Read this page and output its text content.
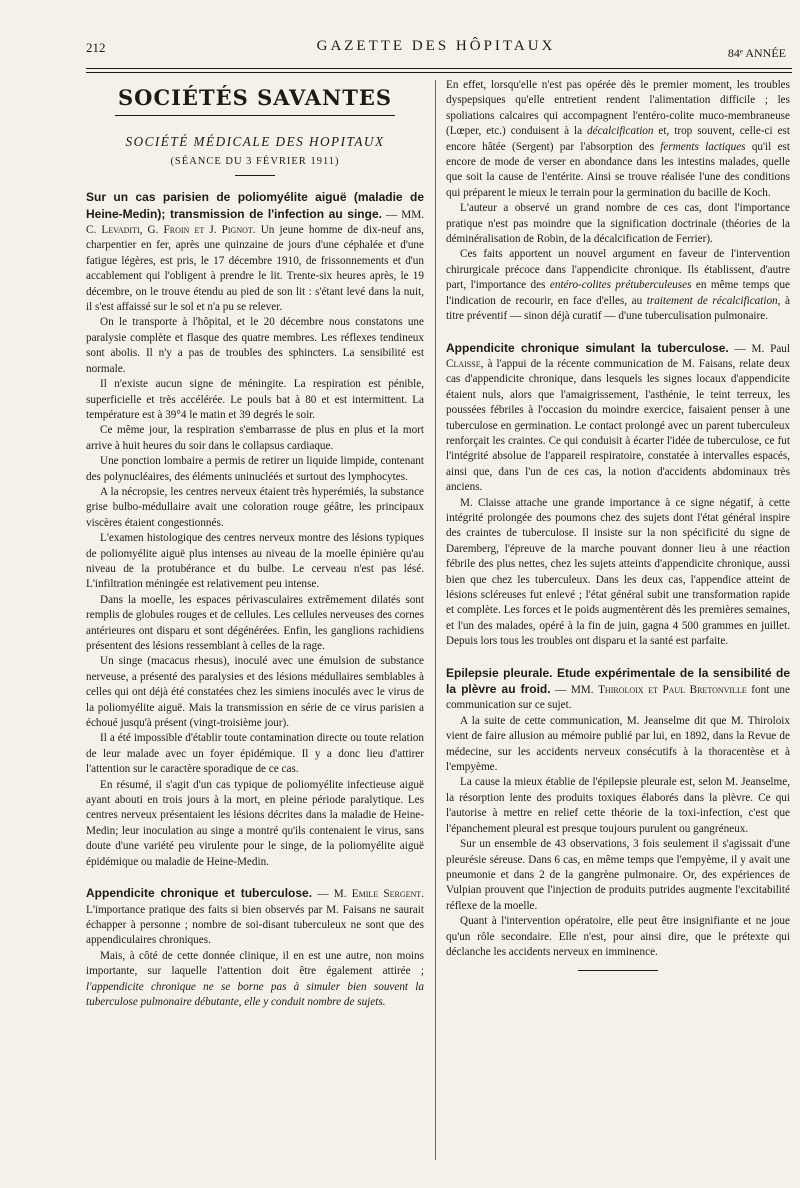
212	GAZETTE DES HÔPITAUX	84ᵉ ANNÉE
SOCIÉTÉS SAVANTES
SOCIÉTÉ MÉDICALE DES HOPITAUX
(SÉANCE DU 3 FÉVRIER 1911)

Sur un cas parisien de poliomyélite aiguë (maladie de Heine-Medin); transmission de l'infection au singe. — MM. C. Levaditi, G. Froin et J. Pignot. Un jeune homme de dix-neuf ans, charpentier en fer, après une quinzaine de jours d'une céphalée et d'une fatigue légères, est pris, le 17 décembre 1910, de frissonnements et d'un accablement qui l'obligent à prendre le lit. Trente-six heures après, le 19 décembre, on le trouve étendu au pied de son lit : s'étant levé dans la nuit, il s'est affaissé sur le sol et n'a pu se relever.

On le transporte à l'hôpital, et le 20 décembre nous constatons une paralysie complète et flasque des quatre membres. Les réflexes tendineux sont abolis. Il n'y a pas de troubles des sphincters. La sensibilité est normale.

Il n'existe aucun signe de méningite. La respiration est pénible, superficielle et très accélérée. Le pouls bat à 80 et est intermittent. La température est à 39°4 le matin et 39 degrés le soir.

Ce même jour, la respiration s'embarrasse de plus en plus et la mort arrive à huit heures du soir dans le collapsus cardiaque.

Une ponction lombaire a permis de retirer un liquide limpide, contenant des polynucléaires, des éléments uninucléés et surtout des lymphocytes.

A la nécropsie, les centres nerveux étaient très hyperémiés, la substance grise bulbo-médullaire avait une coloration rouge géâtre, les principaux viscères étaient congestionnés.

L'examen histologique des centres nerveux montre des lésions typiques de poliomyélite aiguë plus intenses au niveau de la moelle épinière qu'au niveau de la protubérance et du bulbe. Le cerveau n'est pas lésé. L'infiltration méningée est relativement peu intense.

Dans la moelle, les espaces périvasculaires extrêmement dilatés sont remplis de globules rouges et de cellules. Les cellules nerveuses des cornes antérieures ont disparu et sont dégénérées. Enfin, les ganglions rachidiens présentent des lésions ressemblant à celles de la rage.

Un singe (macacus rhesus), inoculé avec une émulsion de substance nerveuse, a présenté des paralysies et des lésions médullaires semblables à celles qui ont déjà été constatées chez les simiens inoculés avec le virus de la poliomyélite aiguë. Mais la transmission en série de ce virus parisien a échoué jusqu'à présent (vingt-troisième jour).

Il a été impossible d'établir toute contamination directe ou toute relation de leur malade avec un foyer épidémique. Il y a donc lieu d'attirer l'attention sur le caractère sporadique de ce cas.

En résumé, il s'agit d'un cas typique de poliomyélite infectieuse aiguë ayant abouti en trois jours à la mort, en pleine période paralytique. Les centres nerveux présentaient les lésions décrites dans la maladie de Heine-Medin; leur inoculation au singe a montré qu'ils contenaient le virus, sans doute d'une variété peu virulente pour le singe, de la poliomyélite aiguë épidémique ou maladie de Heine-Medin.

Appendicite chronique et tuberculose. — M. Emile Sergent. L'importance pratique des faits si bien observés par M. Faisans ne saurait échapper à personne ; nombre de soi-disant tuberculeux ne sont que des appendiculaires chroniques.

Mais, à côté de cette donnée clinique, il en est une autre, non moins importante, sur laquelle l'attention doit être également attirée ; l'appendicite chronique ne se borne pas à simuler bien souvent la tuberculose pulmonaire débutante, elle y conduit nombre de sujets.

En effet, lorsqu'elle n'est pas opérée dès le premier moment, les troubles dyspepsiques qu'elle entretient rendent l'alimentation difficile ; les spoliations calcaires qui accompagnent l'entéro-colite muco-membraneuse (Lœper, etc.) conduisent à la décalcification et, trop souvent, celle-ci est encore hâtée (Sergent) par l'absorption des ferments lactiques qu'il est encore de mode de verser en abondance dans les intestins malades, quelle que soit la cause de l'entérite. Ainsi se trouve réalisée l'une des conditions qui préparent le mieux le terrain pour la germination du bacille de Koch.

L'auteur a observé un grand nombre de ces cas, dont l'importance pratique n'est pas moindre que la signification doctrinale (théories de la déminéralisation de Robin, de la décalcification de Ferrier).

Ces faits apportent un nouvel argument en faveur de l'intervention chirurgicale précoce dans l'appendicite chronique. Ils établissent, d'autre part, l'importance des entéro-colites prétuberculeuses en même temps que l'indication de recourir, en face d'elles, au traitement de récalcification, à titre préventif — sinon déjà curatif — d'une tuberculisation pulmonaire.

Appendicite chronique simulant la tuberculose. — M. Paul Claisse, à l'appui de la récente communication de M. Faisans, relate deux cas d'appendicite chronique, dans lesquels les signes locaux d'appendicite étaient nuls, alors que l'amaigrissement, l'asthénie, le teint terreux, les poussées fébriles à l'occasion du moindre exercice, faisaient penser à une tuberculose en germination. Le contact prolongé avec un parent tuberculeux renforçait les craintes. Ce qui conduisit à écarter l'idée de tuberculose, ce fut l'intégrité absolue de l'appareil respiratoire, constatée à intervalles espacés, ainsi que, dans l'un de ces cas, la notion d'accidents abdominaux très anciens.

M. Claisse attache une grande importance à ce signe négatif, à cette intégrité prolongée des poumons chez des sujets dont l'état général inspire des craintes de tuberculose. Il insiste sur la non spécificité du signe de Daremberg, l'épreuve de la marche pouvant donner lieu à une réaction fébrile des plus nettes, chez les sujets atteints d'appendicite chronique, aussi bien que chez les tuberculeux. Dans les deux cas, l'appendice atteint de lésions scléreuses fut enlevé ; l'état général subit une transformation rapide et complète. Les forces et le poids augmentèrent dès les premières semaines, et l'un des malades, opéré à la fin de juin, gagna 4 500 grammes en juillet. Depuis lors tous les troubles ont disparu et la santé est parfaite.

Epilepsie pleurale. Etude expérimentale de la sensibilité de la plèvre au froid. — MM. Thiroloix et Paul Bretonville font une communication sur ce sujet.

A la suite de cette communication, M. Jeanselme dit que M. Thiroloix vient de faire allusion au mémoire publié par lui, en 1892, dans la Revue de médecine, sur les accidents nerveux consécutifs à la thoracentèse et à l'empyème.

La cause la mieux établie de l'épilepsie pleurale est, selon M. Jeanselme, la résorption lente des produits toxiques élaborés dans la plèvre. Ce qui l'autorise à mettre en relief cette théorie de la toxi-infection, c'est que l'épanchement pleural est presque toujours purulent ou gangréneux.

Sur un ensemble de 43 observations, 3 fois seulement il s'agissait d'une pleurésie séreuse. Dans 6 cas, en même temps que l'empyème, il y avait une pneumonie et dans 2 de la gangrène pulmonaire. Or, des expériences de Vulpian prouvent que l'injection de produits putrides augmente l'excitabilité réflexe de la moelle.

Quant à l'intervention opératoire, elle peut être insignifiante et ne joue qu'un rôle secondaire. Elle n'est, pour ainsi dire, que le prétexte qui déclanche les accidents nerveux en imminence.
